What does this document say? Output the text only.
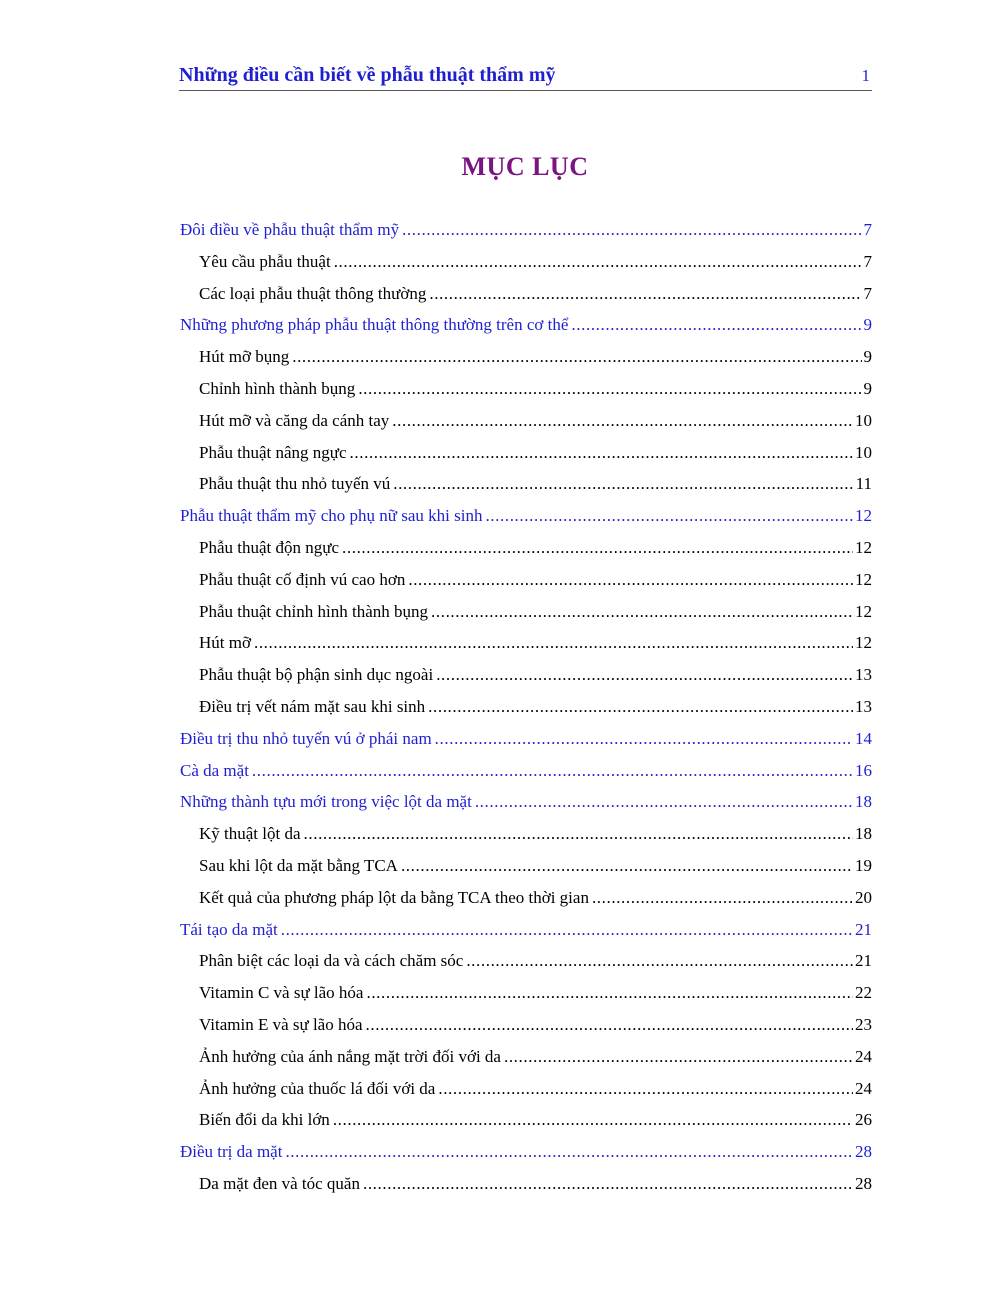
Những điều cần biết về phẫu thuật thẩm mỹ	1
MỤC LỤC
Đôi điều về phẫu thuật thẩm mỹ .....	7
Yêu cầu phẫu thuật .....	7
Các loại phẫu thuật thông thường .....	7
Những phương pháp phẫu thuật thông thường trên cơ thể .....	9
Hút mỡ bụng .....	9
Chỉnh hình thành bụng .....	9
Hút mỡ và căng da cánh tay .....	10
Phẫu thuật nâng ngực .....	10
Phẫu thuật thu nhỏ tuyến vú .....	11
Phẫu thuật thẩm mỹ cho phụ nữ sau khi sinh .....	12
Phẫu thuật độn ngực .....	12
Phẫu thuật cố định vú cao hơn .....	12
Phẫu thuật chỉnh hình thành bụng .....	12
Hút mỡ .....	12
Phẫu thuật bộ phận sinh dục ngoài .....	13
Điều trị vết nám mặt sau khi sinh .....	13
Điều trị thu nhỏ tuyến vú ở phái nam .....	14
Cà da mặt .....	16
Những thành tựu mới trong việc lột da mặt .....	18
Kỹ thuật lột da .....	18
Sau khi lột da mặt bằng TCA .....	19
Kết quả của phương pháp lột da bằng TCA theo thời gian .....	20
Tái tạo da mặt .....	21
Phân biệt các loại da và cách chăm sóc .....	21
Vitamin C và sự lão hóa .....	22
Vitamin E và sự lão hóa .....	23
Ảnh hưởng của ánh nắng mặt trời đối với da .....	24
Ảnh hưởng của thuốc lá đối với da .....	24
Biến đổi da khi lớn .....	26
Điều trị da mặt .....	28
Da mặt đen và tóc quăn .....	28
